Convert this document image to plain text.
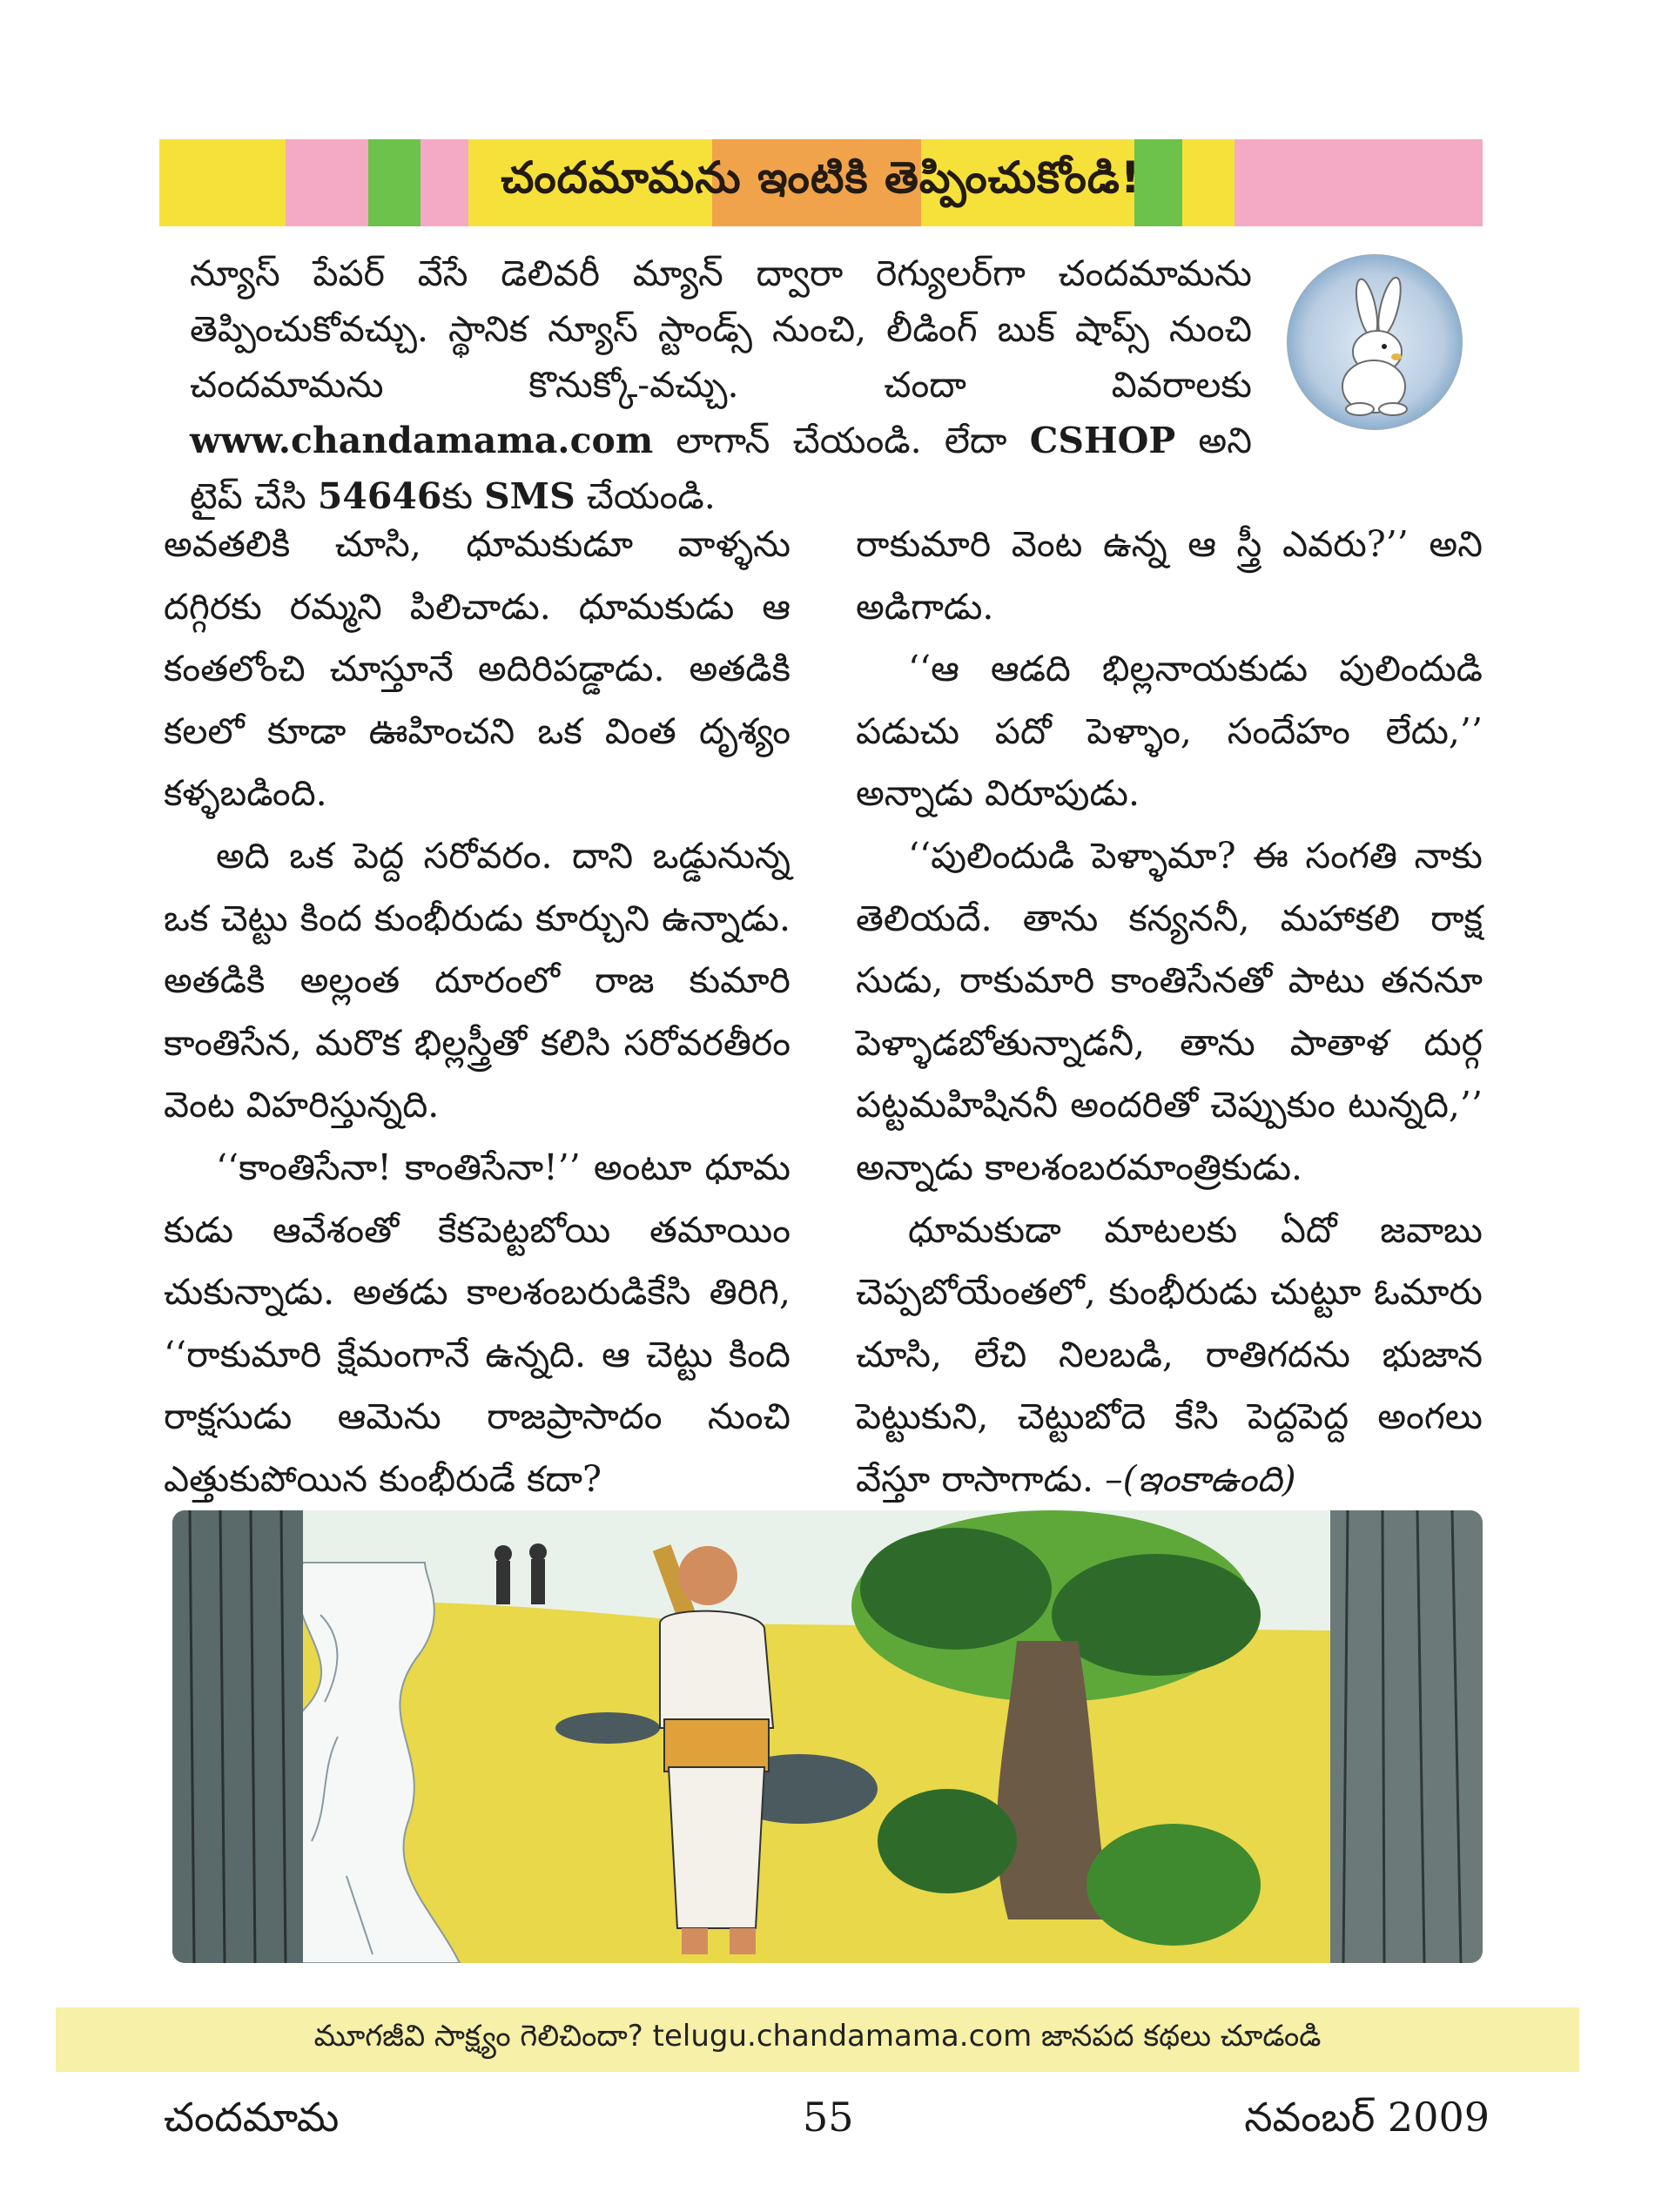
చందమామను ఇంటికి తెప్పించుకోండి!
న్యూస్ పేపర్ వేసే డెలివరీ మ్యాన్ ద్వారా రెగ్యులర్‌గా చందమామను తెప్పించుకోవచ్చు. స్థానిక న్యూస్ స్టాండ్స్ నుంచి, లీడింగ్ బుక్ షాప్స్ నుంచి చందమామను కొనుక్కో-వచ్చు. చందా వివరాలకు www.chandamama.com లాగాన్ చేయండి. లేదా CSHOP అని టైప్ చేసి 54646కు SMS చేయండి.

అవతలికి చూసి, ధూమకుడూ వాళ్ళను దగ్గిరకు రమ్మని పిలిచాడు. ధూమకుడు ఆ కంతలోంచి చూస్తూనే అదిరిపడ్డాడు. అతడికి కలలో కూడా ఊహించని ఒక వింత దృశ్యం కళ్ళబడింది.

అది ఒక పెద్ద సరోవరం. దాని ఒడ్డునున్న ఒక చెట్టు కింద కుంభీరుడు కూర్చుని ఉన్నాడు. అతడికి అల్లంత దూరంలో రాజ కుమారి కాంతిసేన, మరొక భిల్లస్త్రీతో కలిసి సరోవరతీరం వెంట విహరిస్తున్నది.

‘‘కాంతిసేనా! కాంతిసేనా!’’ అంటూ ధూమ కుడు ఆవేశంతో కేకపెట్టబోయి తమాయిం చుకున్నాడు. అతడు కాలశంబరుడికేసి తిరిగి, ‘‘రాకుమారి క్షేమంగానే ఉన్నది. ఆ చెట్టు కింది రాక్షసుడు ఆమెను రాజప్రాసాదం నుంచి ఎత్తుకుపోయిన కుంభీరుడే కదా?

రాకుమారి వెంట ఉన్న ఆ స్త్రీ ఎవరు?’’ అని అడిగాడు.

‘‘ఆ ఆడది భిల్లనాయకుడు పులిందుడి పడుచు పదో పెళ్ళాం, సందేహం లేదు,’’ అన్నాడు విరూపుడు.

‘‘పులిందుడి పెళ్ళామా? ఈ సంగతి నాకు తెలియదే. తాను కన్యననీ, మహాకలి రాక్ష సుడు, రాకుమారి కాంతిసేనతో పాటు తననూ పెళ్ళాడబోతున్నాడనీ, తాను పాతాళ దుర్గ పట్టమహిషిననీ అందరితో చెప్పుకుం టున్నది,’’ అన్నాడు కాలశంబరమాంత్రికుడు.

ధూమకుడా మాటలకు ఏదో జవాబు చెప్పబోయేంతలో, కుంభీరుడు చుట్టూ ఓమారు చూసి, లేచి నిలబడి, రాతిగదను భుజాన పెట్టుకుని, చెట్టుబోదె కేసి పెద్దపెద్ద అంగలు వేస్తూ రాసాగాడు. –(ఇంకాఉంది)

మూగజీవి సాక్ష్యం గెలిచిందా? telugu.chandamama.com జానపద కథలు చూడండి
చందమామ	55	నవంబర్ 2009
